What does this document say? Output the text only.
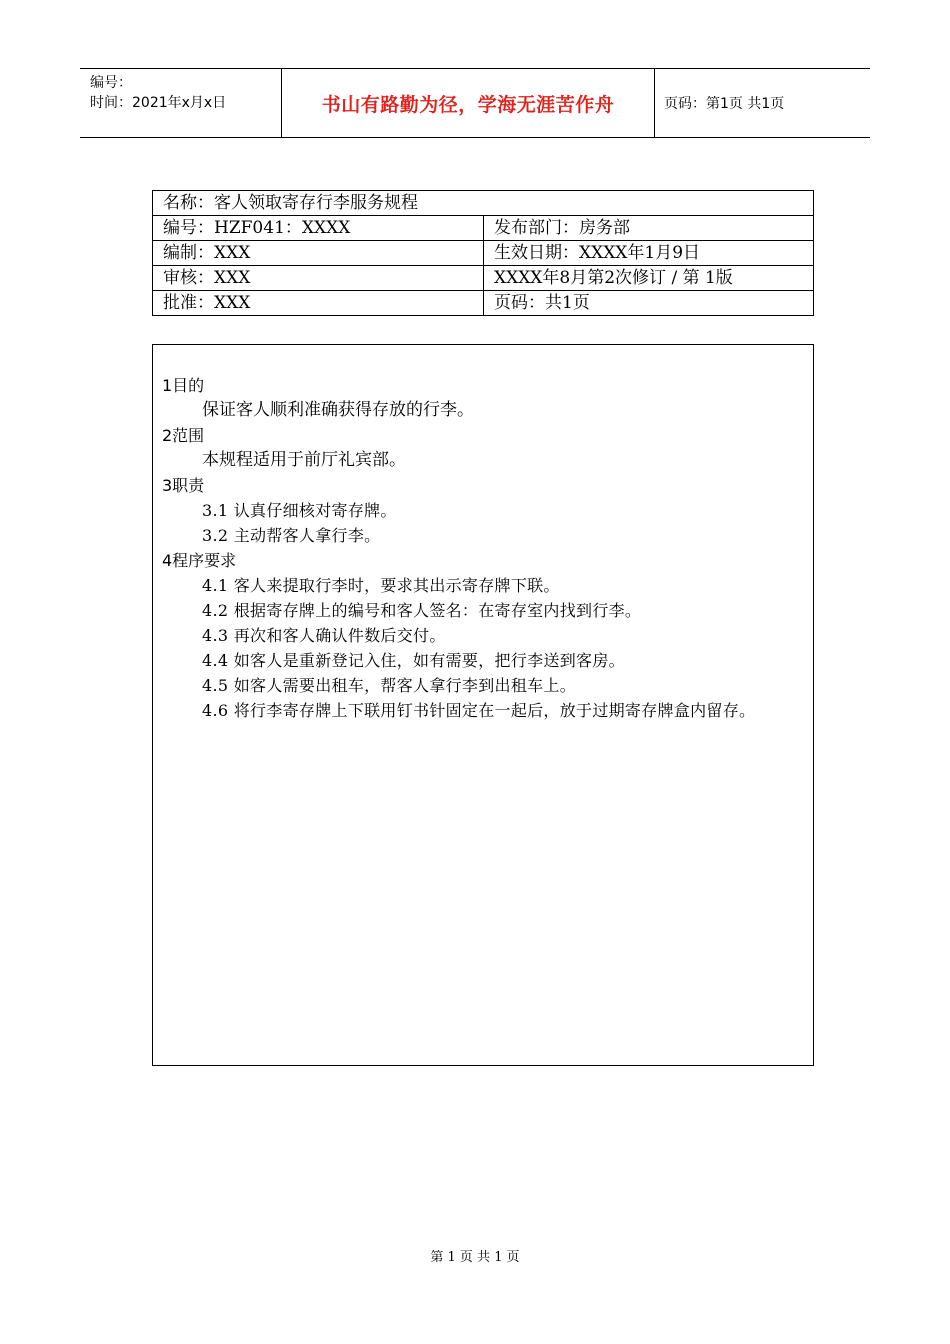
编号：
时间：2021年x月x日	书山有路勤为径，学海无涯苦作舟	页码：第1页 共1页
名称：客人领取寄存行李服务规程	
编号：HZF041：XXXX	发布部门：房务部
编制：XXX	生效日期：XXXX年1月9日
审核：XXX	XXXX年8月第2次修订 / 第 1版
批准：XXX	页码：共1页
1目的
保证客人顺利准确获得存放的行李。
2范围
本规程适用于前厅礼宾部。
3职责
3.1 认真仔细核对寄存牌。
3.2 主动帮客人拿行李。
4程序要求
4.1 客人来提取行李时，要求其出示寄存牌下联。
4.2 根据寄存牌上的编号和客人签名：在寄存室内找到行李。
4.3 再次和客人确认件数后交付。
4.4 如客人是重新登记入住，如有需要，把行李送到客房。
4.5 如客人需要出租车，帮客人拿行李到出租车上。
4.6 将行李寄存牌上下联用钉书针固定在一起后，放于过期寄存牌盒内留存。
第 1 页 共 1 页
